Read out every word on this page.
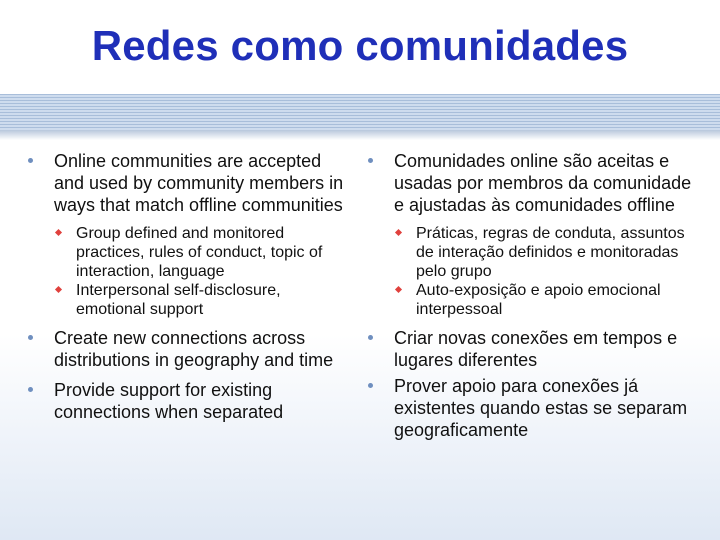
Redes como comunidades
Online communities are accepted and used by community members in ways that match offline communities
Group defined and monitored practices, rules of conduct, topic of interaction, language
Interpersonal self-disclosure, emotional support
Create new connections across distributions in geography and time
Provide support for existing connections when separated
Comunidades online são aceitas e usadas por membros da comunidade e ajustadas às comunidades offline
Práticas, regras de conduta, assuntos de interação definidos e monitoradas pelo grupo
Auto-exposição e apoio emocional interpessoal
Criar novas conexões em tempos e lugares diferentes
Prover apoio para conexões já existentes quando estas se separam geograficamente
